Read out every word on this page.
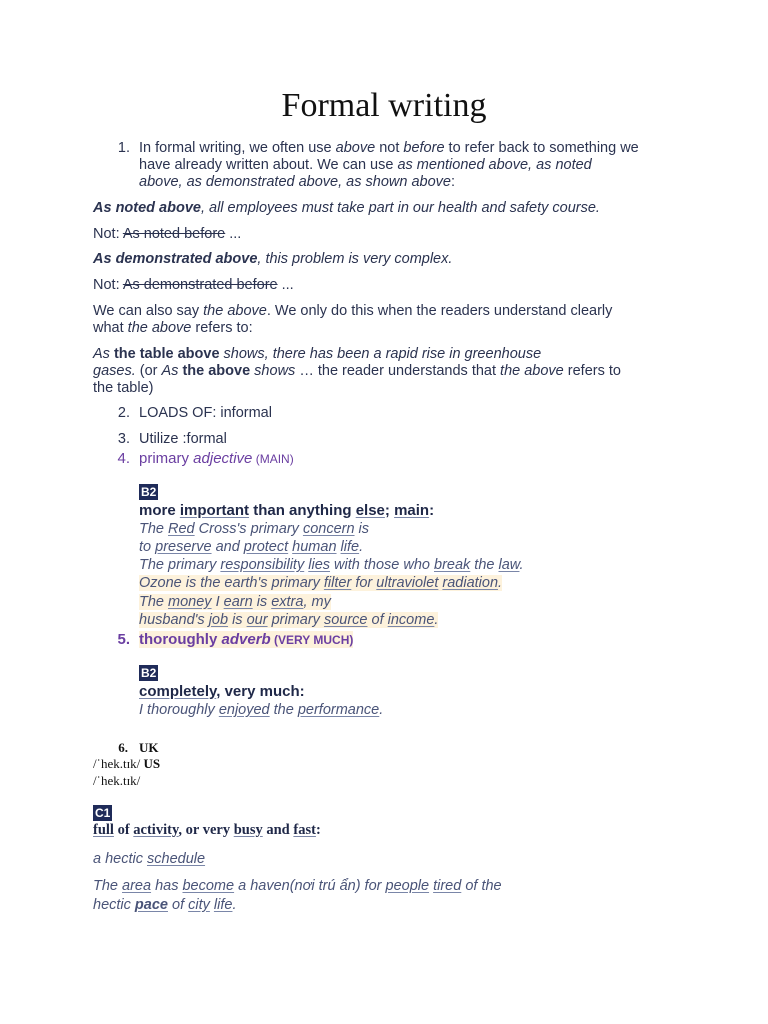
Formal writing
1. In formal writing, we often use above not before to refer back to something we
have already written about. We can use as mentioned above, as noted
above, as demonstrated above, as shown above:
As noted above, all employees must take part in our health and safety course.
Not: As noted before ...
As demonstrated above, this problem is very complex.
Not: As demonstrated before ...
We can also say the above. We only do this when the readers understand clearly
what the above refers to:
As the table above shows, there has been a rapid rise in greenhouse
gases. (or As the above shows … the reader understands that the above refers to
the table)
2. LOADS OF: informal
3. Utilize :formal
4. primary adjective (MAIN)
B2
more important than anything else; main:
The Red Cross's primary concern is
to preserve and protect human life.
The primary responsibility lies with those who break the law.
Ozone is the earth's primary filter for ultraviolet radiation.
The money I earn is extra, my
husband's job is our primary source of income.
5. thoroughly adverb (VERY MUCH)
B2
completely, very much:
I thoroughly enjoyed the performance.
6. UK
/ˈhek.tɪk/ US
/ˈhek.tɪk/
C1
full of activity, or very busy and fast:
a hectic schedule
The area has become a haven(nơi trú ẩn) for people tired of the
hectic pace of city life.
